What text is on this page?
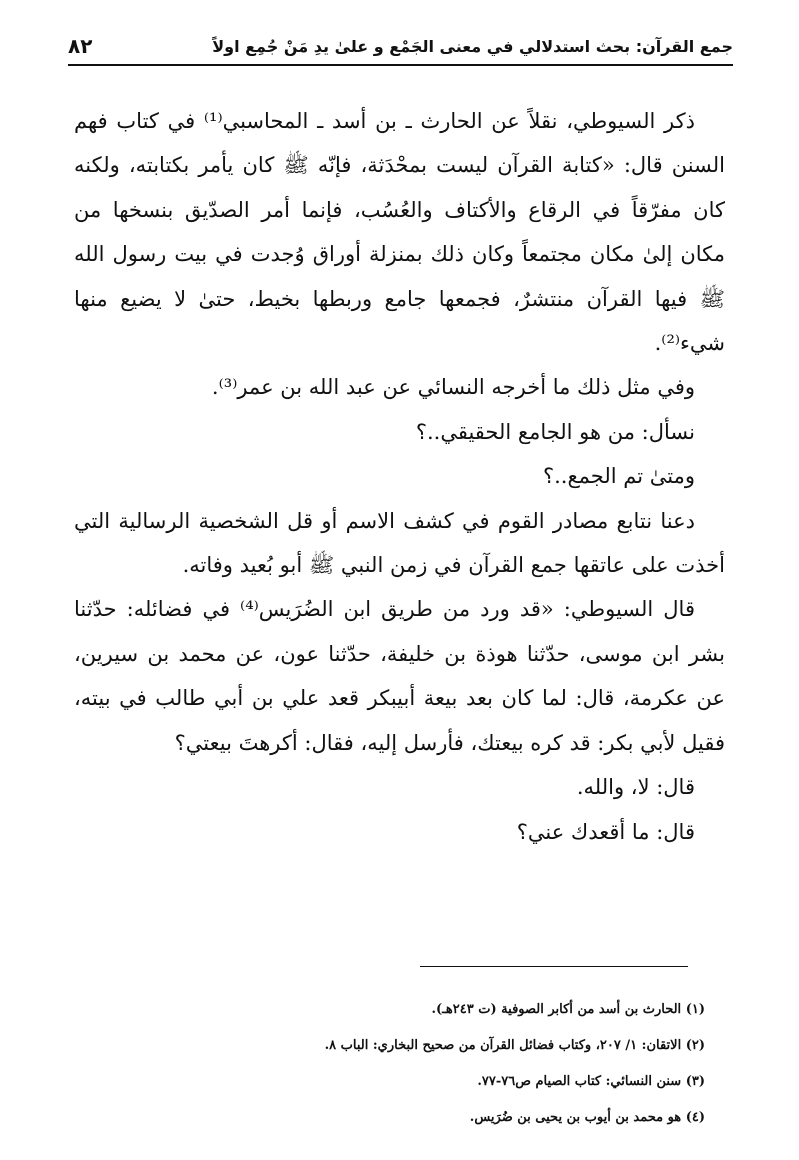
جمع القرآن: بحث استدلالي في معنى الجَمْع و علىٰ يدِ مَنْ جُمِع اولاً
٨٢

ذكر السيوطي، نقلاً عن الحارث ـ بن أسد ـ المحاسبي⁽¹⁾ في كتاب فهم السنن قال: «كتابة القرآن ليست بمحْدَثة، فإنّه ﷺ كان يأمر بكتابته، ولكنه كان مفرّقاً في الرقاع والأكتاف والعُسُب، فإنما أمر الصدّيق بنسخها من مكان إلىٰ مكان مجتمعاً وكان ذلك بمنزلة أوراق وُجدت في بيت رسول الله ﷺ فيها القرآن منتشرٌ، فجمعها جامع وربطها بخيط، حتىٰ لا يضيع منها شيء⁽²⁾.

وفي مثل ذلك ما أخرجه النسائي عن عبد الله بن عمر⁽³⁾.

نسأل: من هو الجامع الحقيقي..؟

ومتىٰ تم الجمع..؟

دعنا نتابع مصادر القوم في كشف الاسم أو قل الشخصية الرسالية التي أخذت على عاتقها جمع القرآن في زمن النبي ﷺ أبو بُعيد وفاته.

قال السيوطي: «قد ورد من طريق ابن الضُرَيس⁽⁴⁾ في فضائله: حدّثنا بشر ابن موسى، حدّثنا هوذة بن خليفة، حدّثنا عون، عن محمد بن سيرين، عن عكرمة، قال: لما كان بعد بيعة أبيبكر قعد علي بن أبي طالب في بيته، فقيل لأبي بكر: قد كره بيعتك، فأرسل إليه، فقال: أكرهتَ بيعتي؟

قال: لا، والله.

قال: ما أقعدك عني؟

(١) الحارث بن أسد من أكابر الصوفية (ت ٢٤٣هـ).
(٢) الاتقان: ١/ ٢٠٧، وكتاب فضائل القرآن من صحيح البخاري: الباب ٨.
(٣) سنن النسائي: كتاب الصيام ص٧٦-٧٧.
(٤) هو محمد بن أيوب بن يحيى بن ضُرَيس.
